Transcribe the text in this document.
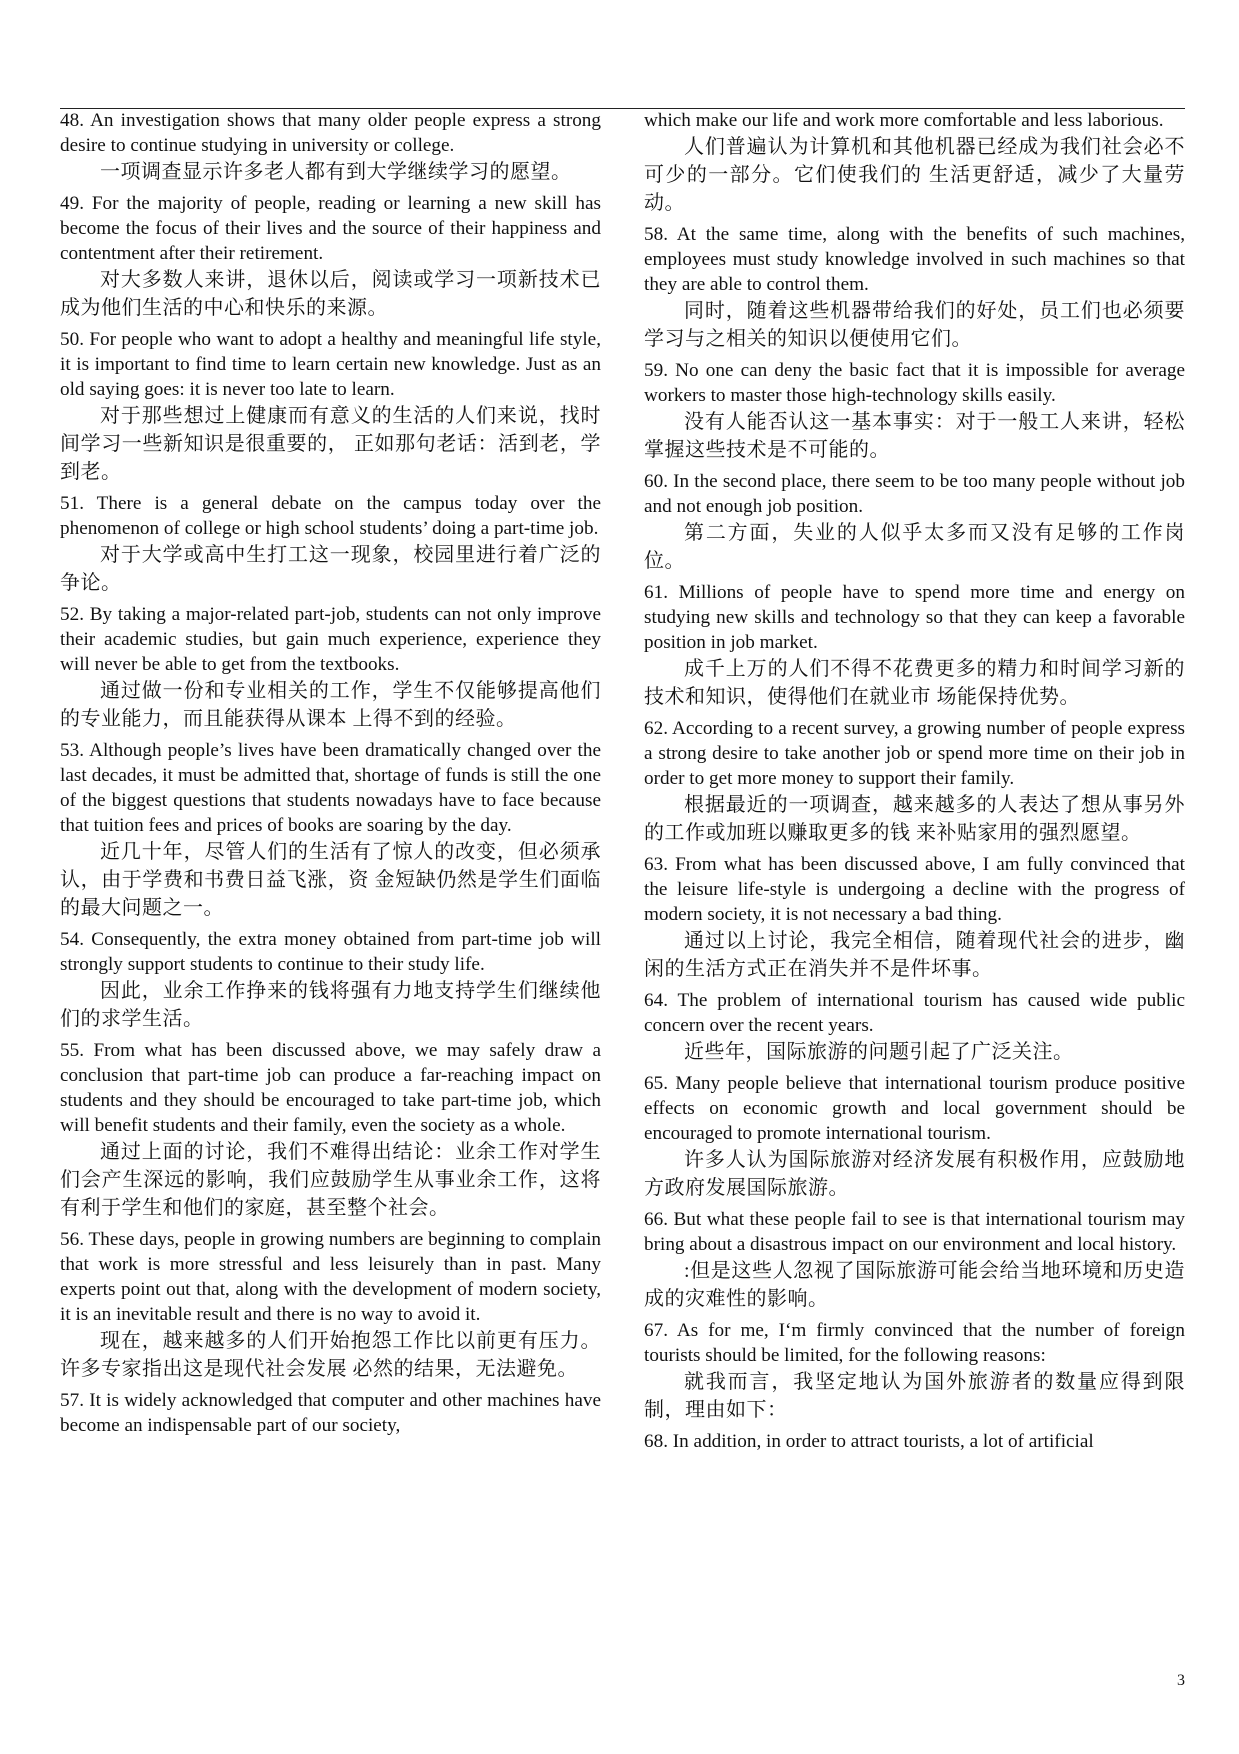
48. An investigation shows that many older people express a strong desire to continue studying in university or college.

一项调查显示许多老人都有到大学继续学习的愿望。

49. For the majority of people, reading or learning a new skill has become the focus of their lives and the source of their happiness and contentment after their retirement.

对大多数人来讲，退休以后，阅读或学习一项新技术已成为他们生活的中心和快乐的来源。

50. For people who want to adopt a healthy and meaningful life style, it is important to find time to learn certain new knowledge. Just as an old saying goes: it is never too late to learn.

对于那些想过上健康而有意义的生活的人们来说，找时间学习一些新知识是很重要的， 正如那句老话：活到老，学到老。

51. There is a general debate on the campus today over the phenomenon of college or high school students’ doing a part-time job.

对于大学或高中生打工这一现象，校园里进行着广泛的争论。

52. By taking a major-related part-job, students can not only improve their academic studies, but gain much experience, experience they will never be able to get from the textbooks.

通过做一份和专业相关的工作，学生不仅能够提高他们的专业能力，而且能获得从课本 上得不到的经验。

53. Although people’s lives have been dramatically changed over the last decades, it must be admitted that, shortage of funds is still the one of the biggest questions that students nowadays have to face because that tuition fees and prices of books are soaring by the day.

近几十年，尽管人们的生活有了惊人的改变，但必须承认，由于学费和书费日益飞涨，资 金短缺仍然是学生们面临的最大问题之一。

54. Consequently, the extra money obtained from part-time job will strongly support students to continue to their study life.

因此，业余工作挣来的钱将强有力地支持学生们继续他们的求学生活。

55. From what has been discussed above, we may safely draw a conclusion that part-time job can produce a far-reaching impact on students and they should be encouraged to take part-time job, which will benefit students and their family, even the society as a whole.

通过上面的讨论，我们不难得出结论：业余工作对学生们会产生深远的影响，我们应鼓励学生从事业余工作，这将有利于学生和他们的家庭，甚至整个社会。

56. These days, people in growing numbers are beginning to complain that work is more stressful and less leisurely than in past. Many experts point out that, along with the development of modern society, it is an inevitable result and there is no way to avoid it.

现在，越来越多的人们开始抱怨工作比以前更有压力。许多专家指出这是现代社会发展 必然的结果，无法避免。

57. It is widely acknowledged that computer and other machines have become an indispensable part of our society,

which make our life and work more comfortable and less laborious.

人们普遍认为计算机和其他机器已经成为我们社会必不可少的一部分。它们使我们的 生活更舒适，减少了大量劳动。

58. At the same time, along with the benefits of such machines, employees must study knowledge involved in such machines so that they are able to control them.

同时，随着这些机器带给我们的好处，员工们也必须要学习与之相关的知识以便使用它们。

59. No one can deny the basic fact that it is impossible for average workers to master those high-technology skills easily.

没有人能否认这一基本事实：对于一般工人来讲，轻松掌握这些技术是不可能的。

60. In the second place, there seem to be too many people without job and not enough job position.

第二方面，失业的人似乎太多而又没有足够的工作岗位。

61. Millions of people have to spend more time and energy on studying new skills and technology so that they can keep a favorable position in job market.

成千上万的人们不得不花费更多的精力和时间学习新的技术和知识，使得他们在就业市 场能保持优势。

62. According to a recent survey, a growing number of people express a strong desire to take another job or spend more time on their job in order to get more money to support their family.

根据最近的一项调查，越来越多的人表达了想从事另外的工作或加班以赚取更多的钱 来补贴家用的强烈愿望。

63. From what has been discussed above, I am fully convinced that the leisure life-style is undergoing a decline with the progress of modern society, it is not necessary a bad thing.

通过以上讨论，我完全相信，随着现代社会的进步，幽闲的生活方式正在消失并不是件坏事。

64. The problem of international tourism has caused wide public concern over the recent years.

近些年，国际旅游的问题引起了广泛关注。

65. Many people believe that international tourism produce positive effects on economic growth and local government should be encouraged to promote international tourism.

许多人认为国际旅游对经济发展有积极作用，应鼓励地方政府发展国际旅游。

66. But what these people fail to see is that international tourism may bring about a disastrous impact on our environment and local history.

:但是这些人忽视了国际旅游可能会给当地环境和历史造成的灾难性的影响。

67. As for me, I‘m firmly convinced that the number of foreign tourists should be limited, for the following reasons:

就我而言，我坚定地认为国外旅游者的数量应得到限制，理由如下：

68. In addition, in order to attract tourists, a lot of artificial

3
